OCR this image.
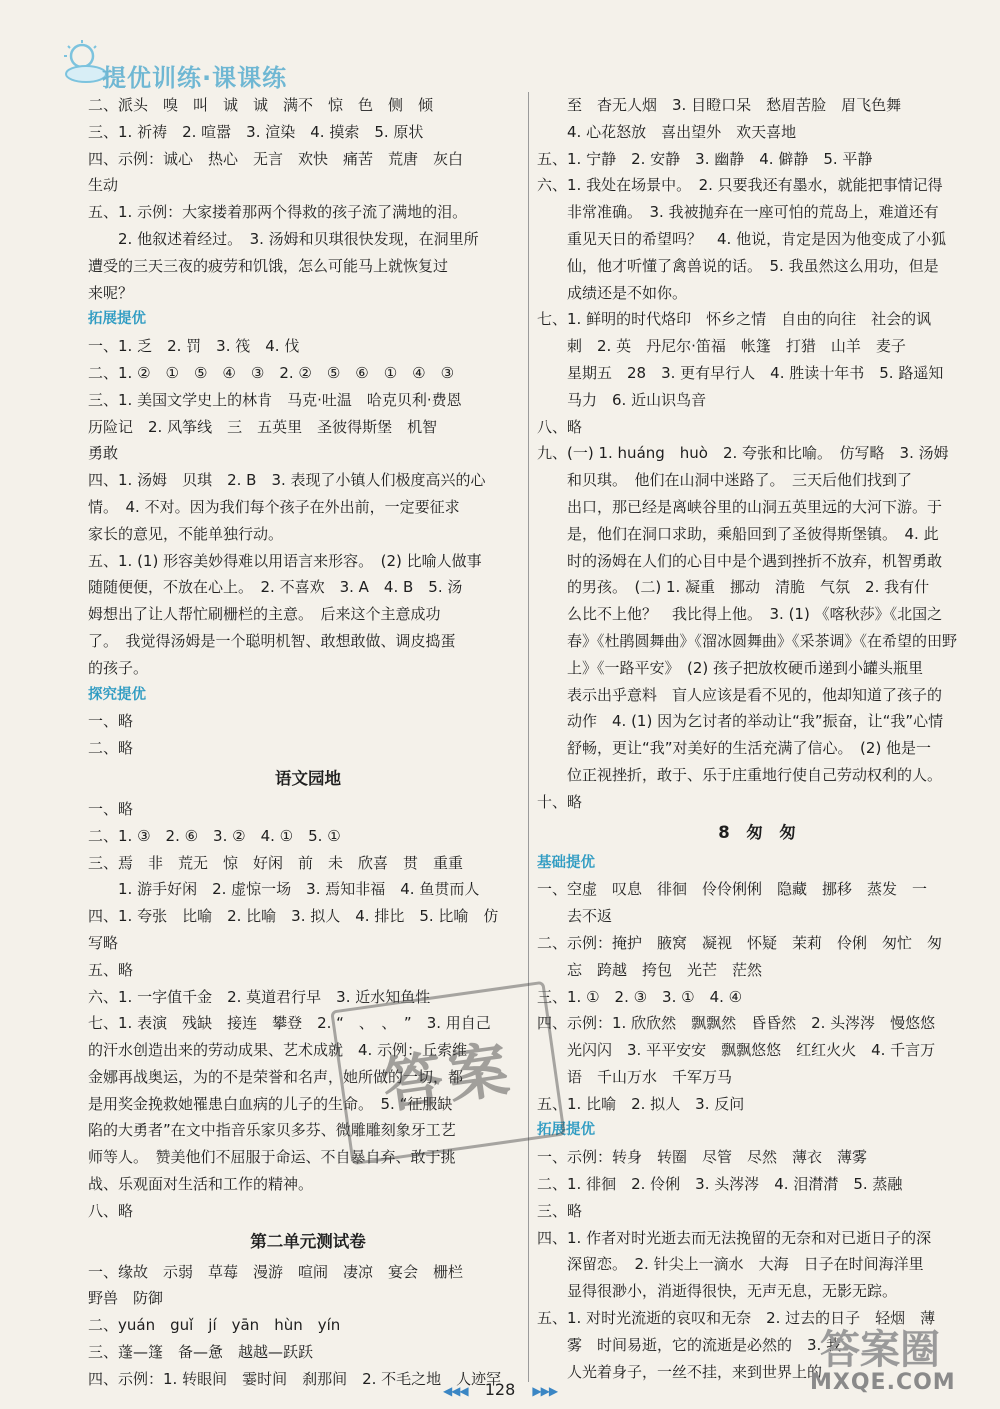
提优训练·课课练
二、派头　嗅　叫　诚　诚　满不　惊　色　侧　倾
三、1. 祈祷　2. 喧嚣　3. 渲染　4. 摸索　5. 原状
四、示例：诚心　热心　无言　欢快　痛苦　荒唐　灰白
生动
五、1. 示例：大家搂着那两个得救的孩子流了满地的泪。
2. 他叙述着经过。　3. 汤姆和贝琪很快发现，在洞里所
遭受的三天三夜的疲劳和饥饿，怎么可能马上就恢复过
来呢？
拓展提优
一、1. 乏　2. 罚　3. 筏　4. 伐
二、1. ②　①　⑤　④　③　2. ②　⑤　⑥　①　④　③
三、1. 美国文学史上的林肯　马克·吐温　哈克贝利·费恩
历险记　2. 风筝线　三　五英里　圣彼得斯堡　机智
勇敢
四、1. 汤姆　贝琪　2. B　3. 表现了小镇人们极度高兴的心
情。　4. 不对。因为我们每个孩子在外出前，一定要征求
家长的意见，不能单独行动。
五、1. (1) 形容美妙得难以用语言来形容。　(2) 比喻人做事
随随便便，不放在心上。　2. 不喜欢　3. A　4. B　5. 汤
姆想出了让人帮忙刷栅栏的主意。　后来这个主意成功
了。　我觉得汤姆是一个聪明机智、敢想敢做、调皮捣蛋
的孩子。
探究提优
一、略
二、略
语文园地
一、略
二、1. ③　2. ⑥　3. ②　4. ①　5. ①
三、焉　非　荒无　惊　好闲　前　未　欣喜　贯　重重
1. 游手好闲　2. 虚惊一场　3. 焉知非福　4. 鱼贯而人
四、1. 夸张　比喻　2. 比喻　3. 拟人　4. 排比　5. 比喻　仿
写略
五、略
六、1. 一字值千金　2. 莫道君行早　3. 近水知鱼性
七、1. 表演　残缺　接连　攀登　2. “　、　、　”　3. 用自己
的汗水创造出来的劳动成果、艺术成就　4. 示例：丘索维
金娜再战奥运，为的不是荣誉和名声，她所做的一切，都
是用奖金挽救她罹患白血病的儿子的生命。　5. “征服缺
陷的大勇者”在文中指音乐家贝多芬、微雕雕刻象牙工艺
师等人。　赞美他们不屈服于命运、不自暴自弃、敢于挑
战、乐观面对生活和工作的精神。
八、略
第二单元测试卷
一、缘故　示弱　草莓　漫游　喧闹　凄凉　宴会　栅栏
野兽　防御
二、yuán　guǐ　jí　yān　hùn　yín
三、蓬—篷　备—惫　越越—跃跃
四、示例：1. 转眼间　霎时间　刹那间　2. 不毛之地　人迹罕
至　杳无人烟　3. 目瞪口呆　愁眉苦脸　眉飞色舞
4. 心花怒放　喜出望外　欢天喜地
五、1. 宁静　2. 安静　3. 幽静　4. 僻静　5. 平静
六、1. 我处在场景中。　2. 只要我还有墨水，就能把事情记得
非常准确。　3. 我被抛弃在一座可怕的荒岛上，难道还有
重见天日的希望吗？　4. 他说，肯定是因为他变成了小狐
仙，他才听懂了禽兽说的话。　5. 我虽然这么用功，但是
成绩还是不如你。
七、1. 鲜明的时代烙印　怀乡之情　自由的向往　社会的讽
刺　2. 英　丹尼尔·笛福　帐篷　打猎　山羊　麦子
星期五　28　3. 更有早行人　4. 胜读十年书　5. 路遥知
马力　6. 近山识鸟音
八、略
九、(一) 1. huáng　huò　2. 夸张和比喻。　仿写略　3. 汤姆
和贝琪。　他们在山洞中迷路了。　三天后他们找到了
出口，那已经是离峡谷里的山洞五英里远的大河下游。于
是，他们在洞口求助，乘船回到了圣彼得斯堡镇。　4. 此
时的汤姆在人们的心目中是个遇到挫折不放弃，机智勇敢
的男孩。　(二) 1. 凝重　挪动　清脆　气氛　2. 我有什
么比不上他？　我比得上他。　3. (1) 《喀秋莎》《北国之
春》《杜鹃圆舞曲》《溜冰圆舞曲》《采茶调》《在希望的田野
上》《一路平安》　(2) 孩子把放枚硬币递到小罐头瓶里
表示出乎意料　盲人应该是看不见的，他却知道了孩子的
动作　4. (1) 因为乞讨者的举动让“我”振奋，让“我”心情
舒畅，更让“我”对美好的生活充满了信心。　(2) 他是一
位正视挫折，敢于、乐于庄重地行使自己劳动权利的人。
十、略
8　匆　匆
基础提优
一、空虚　叹息　徘徊　伶伶俐俐　隐藏　挪移　蒸发　一
去不返
二、示例：掩护　腋窝　凝视　怀疑　茉莉　伶俐　匆忙　匆
忘　跨越　挎包　光芒　茫然
三、1. ①　2. ③　3. ①　4. ④
四、示例：1. 欣欣然　飘飘然　昏昏然　2. 头涔涔　慢悠悠
光闪闪　3. 平平安安　飘飘悠悠　红红火火　4. 千言万
语　千山万水　千军万马
五、1. 比喻　2. 拟人　3. 反问
拓展提优
一、示例：转身　转圈　尽管　尽然　薄衣　薄雾
二、1. 徘徊　2. 伶俐　3. 头涔涔　4. 泪潸潸　5. 蒸融
三、略
四、1. 作者对时光逝去而无法挽留的无奈和对已逝日子的深
深留恋。　2. 针尖上一滴水　大海　日子在时间海洋里
显得很渺小，消逝得很快，无声无息，无影无踪。
五、1. 对时光流逝的哀叹和无奈　2. 过去的日子　轻烟　薄
雾　时间易逝，它的流逝是必然的　3. 我
人光着身子，一丝不挂，来到世界上的
答案
答案圈
MXQE.COM
◀◀◀ 128 ▶▶▶
